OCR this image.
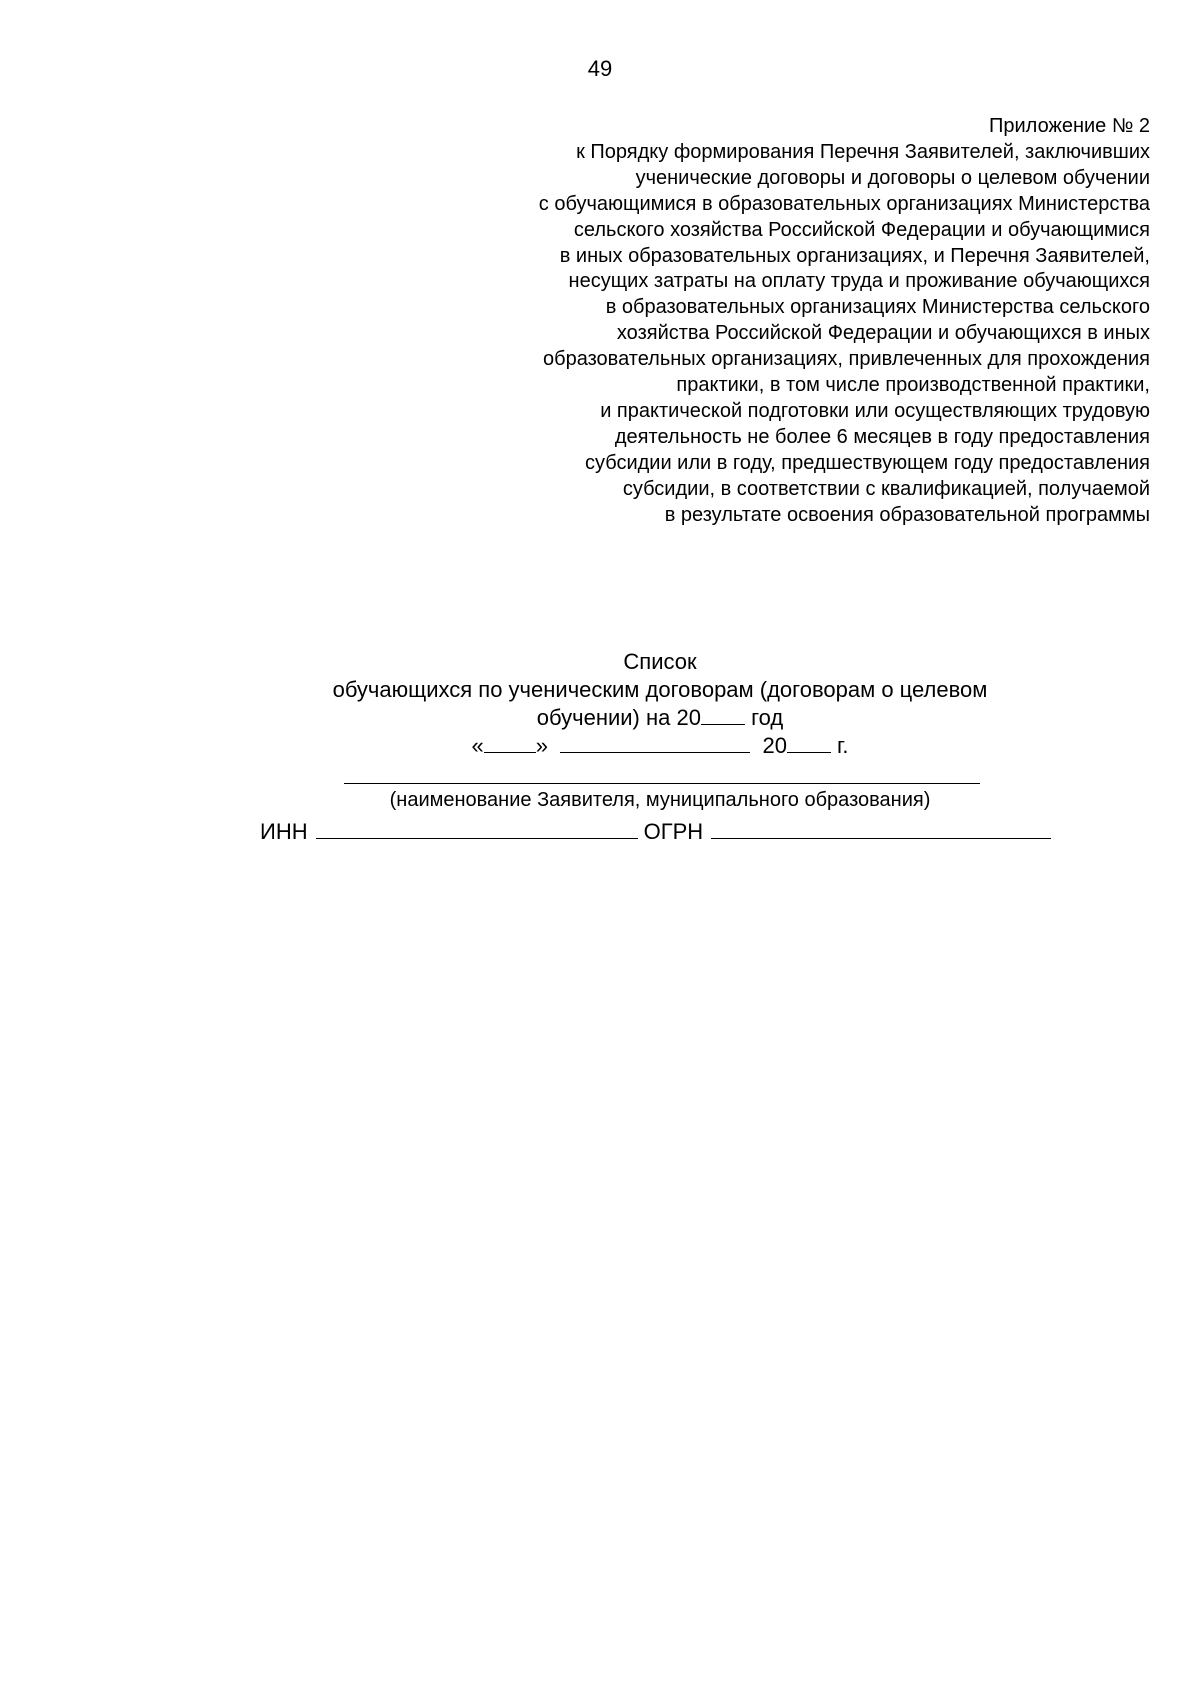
49
Приложение № 2
к Порядку формирования Перечня Заявителей, заключивших
ученические договоры и договоры о целевом обучении
с обучающимися в образовательных организациях Министерства
сельского хозяйства Российской Федерации и обучающимися
в иных образовательных организациях, и Перечня Заявителей,
несущих затраты на оплату труда и проживание обучающихся
в образовательных организациях Министерства сельского
хозяйства Российской Федерации и обучающихся в иных
образовательных организациях, привлеченных для прохождения
практики, в том числе производственной практики,
и практической подготовки или осуществляющих трудовую
деятельность не более 6 месяцев в году предоставления
субсидии или в году, предшествующем году предоставления
субсидии, в соответствии с квалификацией, получаемой
в результате освоения образовательной программы
Список
обучающихся по ученическим договорам (договорам о целевом
обучении) на 20 год
« »	20 г.
(наименование Заявителя, муниципального образования)
ИНН	ОГРН
